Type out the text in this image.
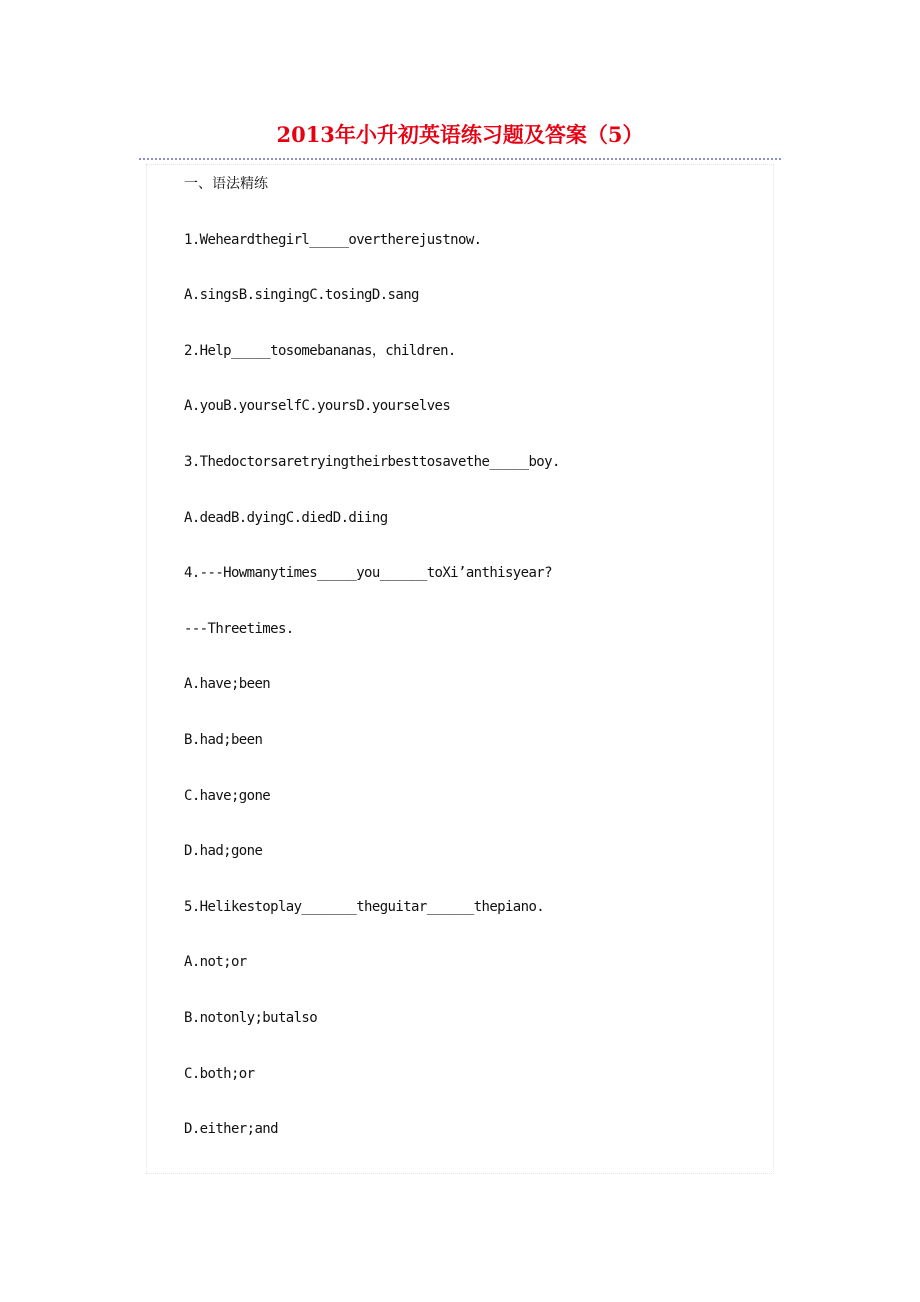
2013年小升初英语练习题及答案（5）
一、语法精练
1.Weheardthegirl_____overtherejustnow.
A.singsB.singingC.tosingD.sang
2.Help_____tosomebananas，children.
A.youB.yourselfC.yoursD.yourselves
3.Thedoctorsaretryingtheirbesttosavethe_____boy.
A.deadB.dyingC.diedD.diing
4.---Howmanytimes_____you______toXi’anthisyear?
---Threetimes.
A.have;been
B.had;been
C.have;gone
D.had;gone
5.Helikestoplay_______theguitar______thepiano.
A.not;or
B.notonly;butalso
C.both;or
D.either;and
